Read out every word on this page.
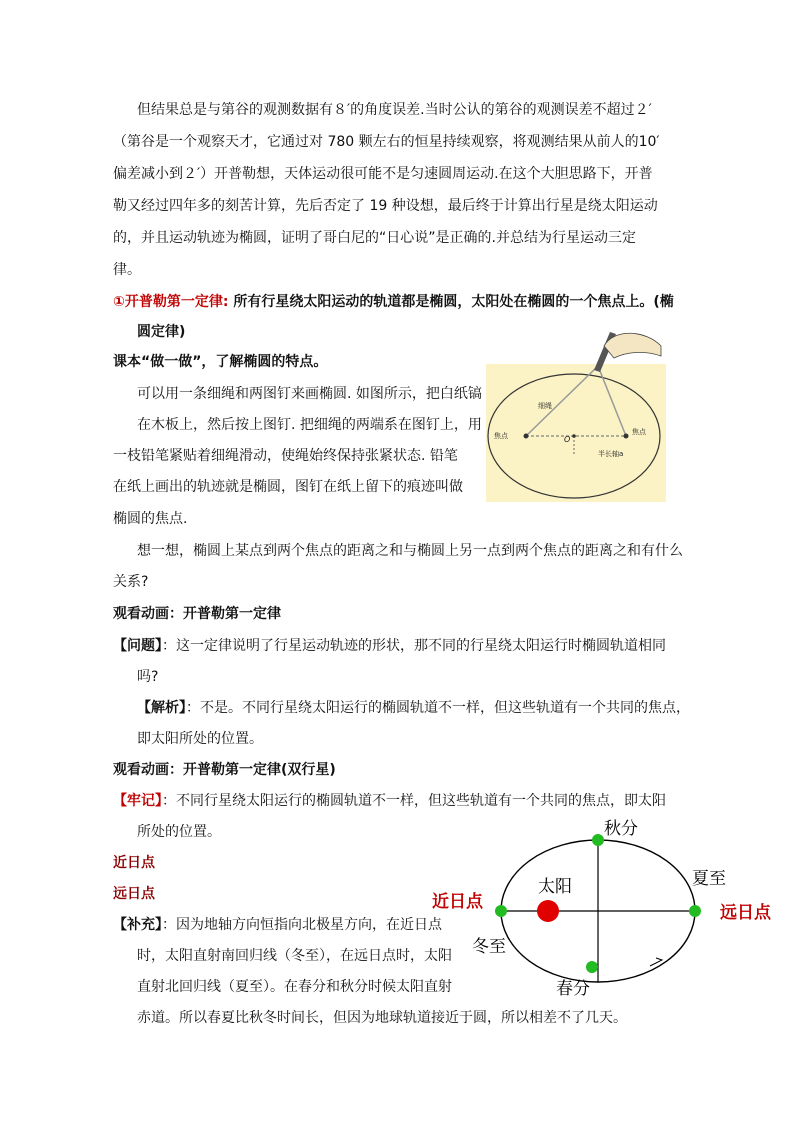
但结果总是与第谷的观测数据有８′的角度误差.当时公认的第谷的观测误差不超过２′
（第谷是一个观察天才，它通过对 780 颗左右的恒星持续观察，将观测结果从前人的10′
偏差减小到２′）开普勒想，天体运动很可能不是匀速圆周运动.在这个大胆思路下，开普
勒又经过四年多的刻苦计算，先后否定了 19 种设想，最后终于计算出行星是绕太阳运动
的，并且运动轨迹为椭圆，证明了哥白尼的“日心说”是正确的.并总结为行星运动三定
律。
①开普勒第一定律: 所有行星绕太阳运动的轨道都是椭圆，太阳处在椭圆的一个焦点上。(椭
圆定律)
课本“做一做”，了解椭圆的特点。
可以用一条细绳和两图钉来画椭圆. 如图所示，把白纸镐
在木板上，然后按上图钉. 把细绳的两端系在图钉上，用
一枝铅笔紧贴着细绳滑动，使绳始终保持张紧状态. 铅笔
在纸上画出的轨迹就是椭圆，图钉在纸上留下的痕迹叫做
椭圆的焦点.
想一想，椭圆上某点到两个焦点的距离之和与椭圆上另一点到两个焦点的距离之和有什么
关系?
细绳
焦点	焦点
O
半长轴a
观看动画：开普勒第一定律
【问题】：这一定律说明了行星运动轨迹的形状，那不同的行星绕太阳运行时椭圆轨道相同
吗?
【解析】：不是。不同行星绕太阳运行的椭圆轨道不一样，但这些轨道有一个共同的焦点，
即太阳所处的位置。
观看动画：开普勒第一定律(双行星)
【牢记】：不同行星绕太阳运行的椭圆轨道不一样，但这些轨道有一个共同的焦点，即太阳
所处的位置。
近日点
远日点
【补充】：因为地轴方向恒指向北极星方向，在近日点
时，太阳直射南回归线（冬至），在远日点时，太阳
直射北回归线（夏至）。在春分和秋分时候太阳直射
赤道。所以春夏比秋冬时间长，但因为地球轨道接近于圆，所以相差不了几天。
秋分
夏至
太阳
近日点
远日点
冬至
春分
